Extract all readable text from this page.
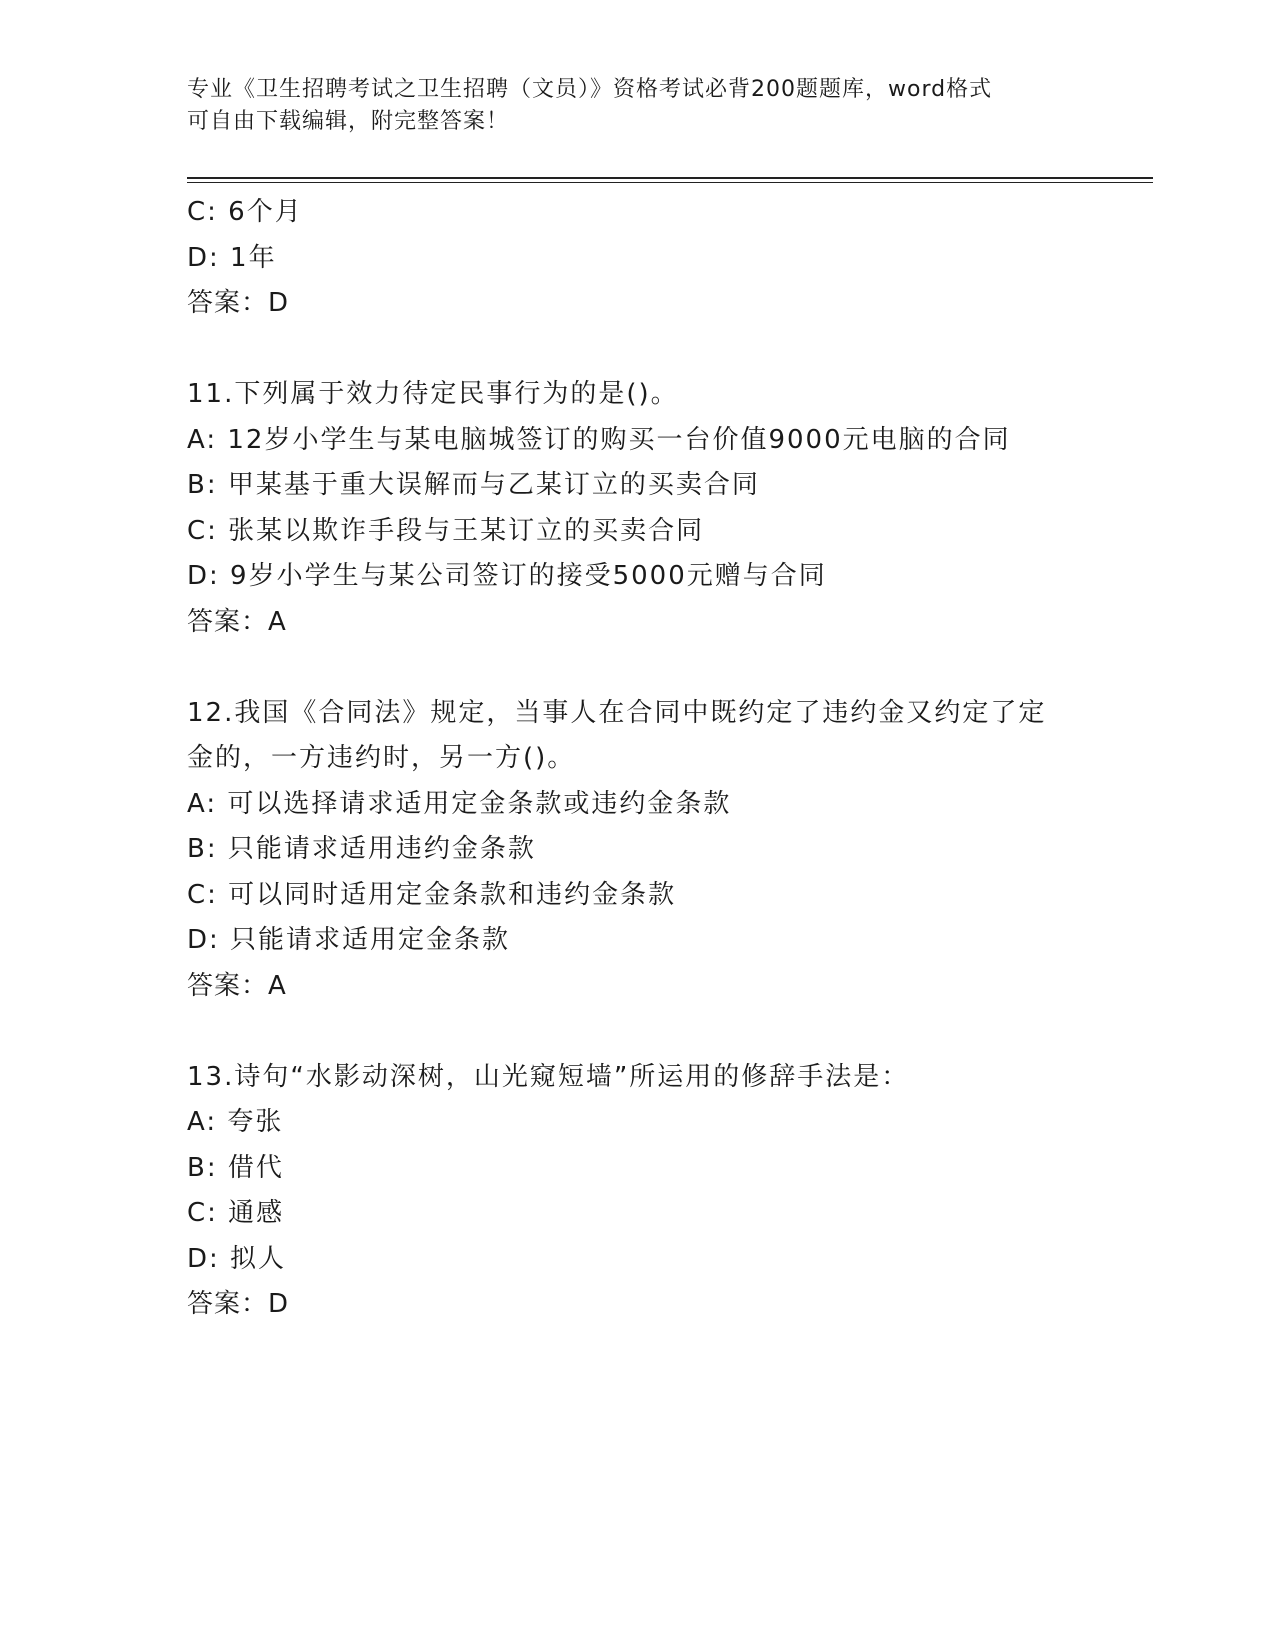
专业《卫生招聘考试之卫生招聘（文员）》资格考试必背200题题库，word格式
可自由下载编辑，附完整答案！
C: 6个月
D: 1年
答案：D
11.下列属于效力待定民事行为的是()。
A: 12岁小学生与某电脑城签订的购买一台价值9000元电脑的合同
B: 甲某基于重大误解而与乙某订立的买卖合同
C: 张某以欺诈手段与王某订立的买卖合同
D: 9岁小学生与某公司签订的接受5000元赠与合同
答案：A
12.我国《合同法》规定，当事人在合同中既约定了违约金又约定了定
金的，一方违约时，另一方()。
A: 可以选择请求适用定金条款或违约金条款
B: 只能请求适用违约金条款
C: 可以同时适用定金条款和违约金条款
D: 只能请求适用定金条款
答案：A
13.诗句“水影动深树，山光窥短墙”所运用的修辞手法是：
A: 夸张
B: 借代
C: 通感
D: 拟人
答案：D
